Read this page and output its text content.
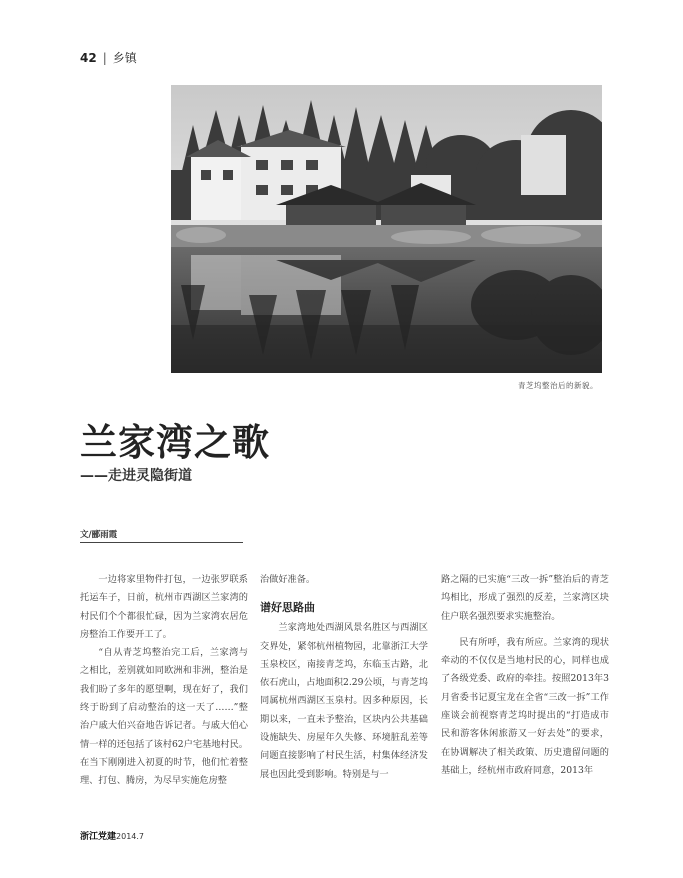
42 | 乡镇
青芝坞整治后的新貌。
兰家湾之歌
——走进灵隐街道
文/郦雨霞

一边将家里物件打包，一边张罗联系托运车子，日前，杭州市西湖区兰家湾的村民们个个都很忙碌，因为兰家湾农居危房整治工作要开工了。

“自从青芝坞整治完工后，兰家湾与之相比，差别就如同欧洲和非洲，整治是我们盼了多年的愿望啊，现在好了，我们终于盼到了启动整治的这一天了……”整治户戚大伯兴奋地告诉记者。与戚大伯心情一样的还包括了该村62户宅基地村民。在当下刚刚进入初夏的时节，他们忙着整理、打包、腾房，为尽早实施危房整

治做好准备。

谱好思路曲

兰家湾地处西湖风景名胜区与西湖区交界处，紧邻杭州植物园，北靠浙江大学玉泉校区，南接青芝坞，东临玉古路，北依石虎山，占地面积2.29公顷，与青芝坞同属杭州西湖区玉泉村。因多种原因，长期以来，一直未予整治，区块内公共基础设施缺失、房屋年久失修、环境脏乱差等问题直接影响了村民生活，村集体经济发展也因此受到影响。特别是与一

路之隔的已实施“三改一拆”整治后的青芝坞相比，形成了强烈的反差，兰家湾区块住户联名强烈要求实施整治。

民有所呼，我有所应。兰家湾的现状牵动的不仅仅是当地村民的心，同样也成了各级党委、政府的牵挂。按照2013年3月省委书记夏宝龙在全省“三改一拆”工作座谈会前视察青芝坞时提出的“打造成市民和游客休闲旅游又一好去处”的要求，在协调解决了相关政策、历史遗留问题的基础上，经杭州市政府同意，2013年

浙江党建2014.7
